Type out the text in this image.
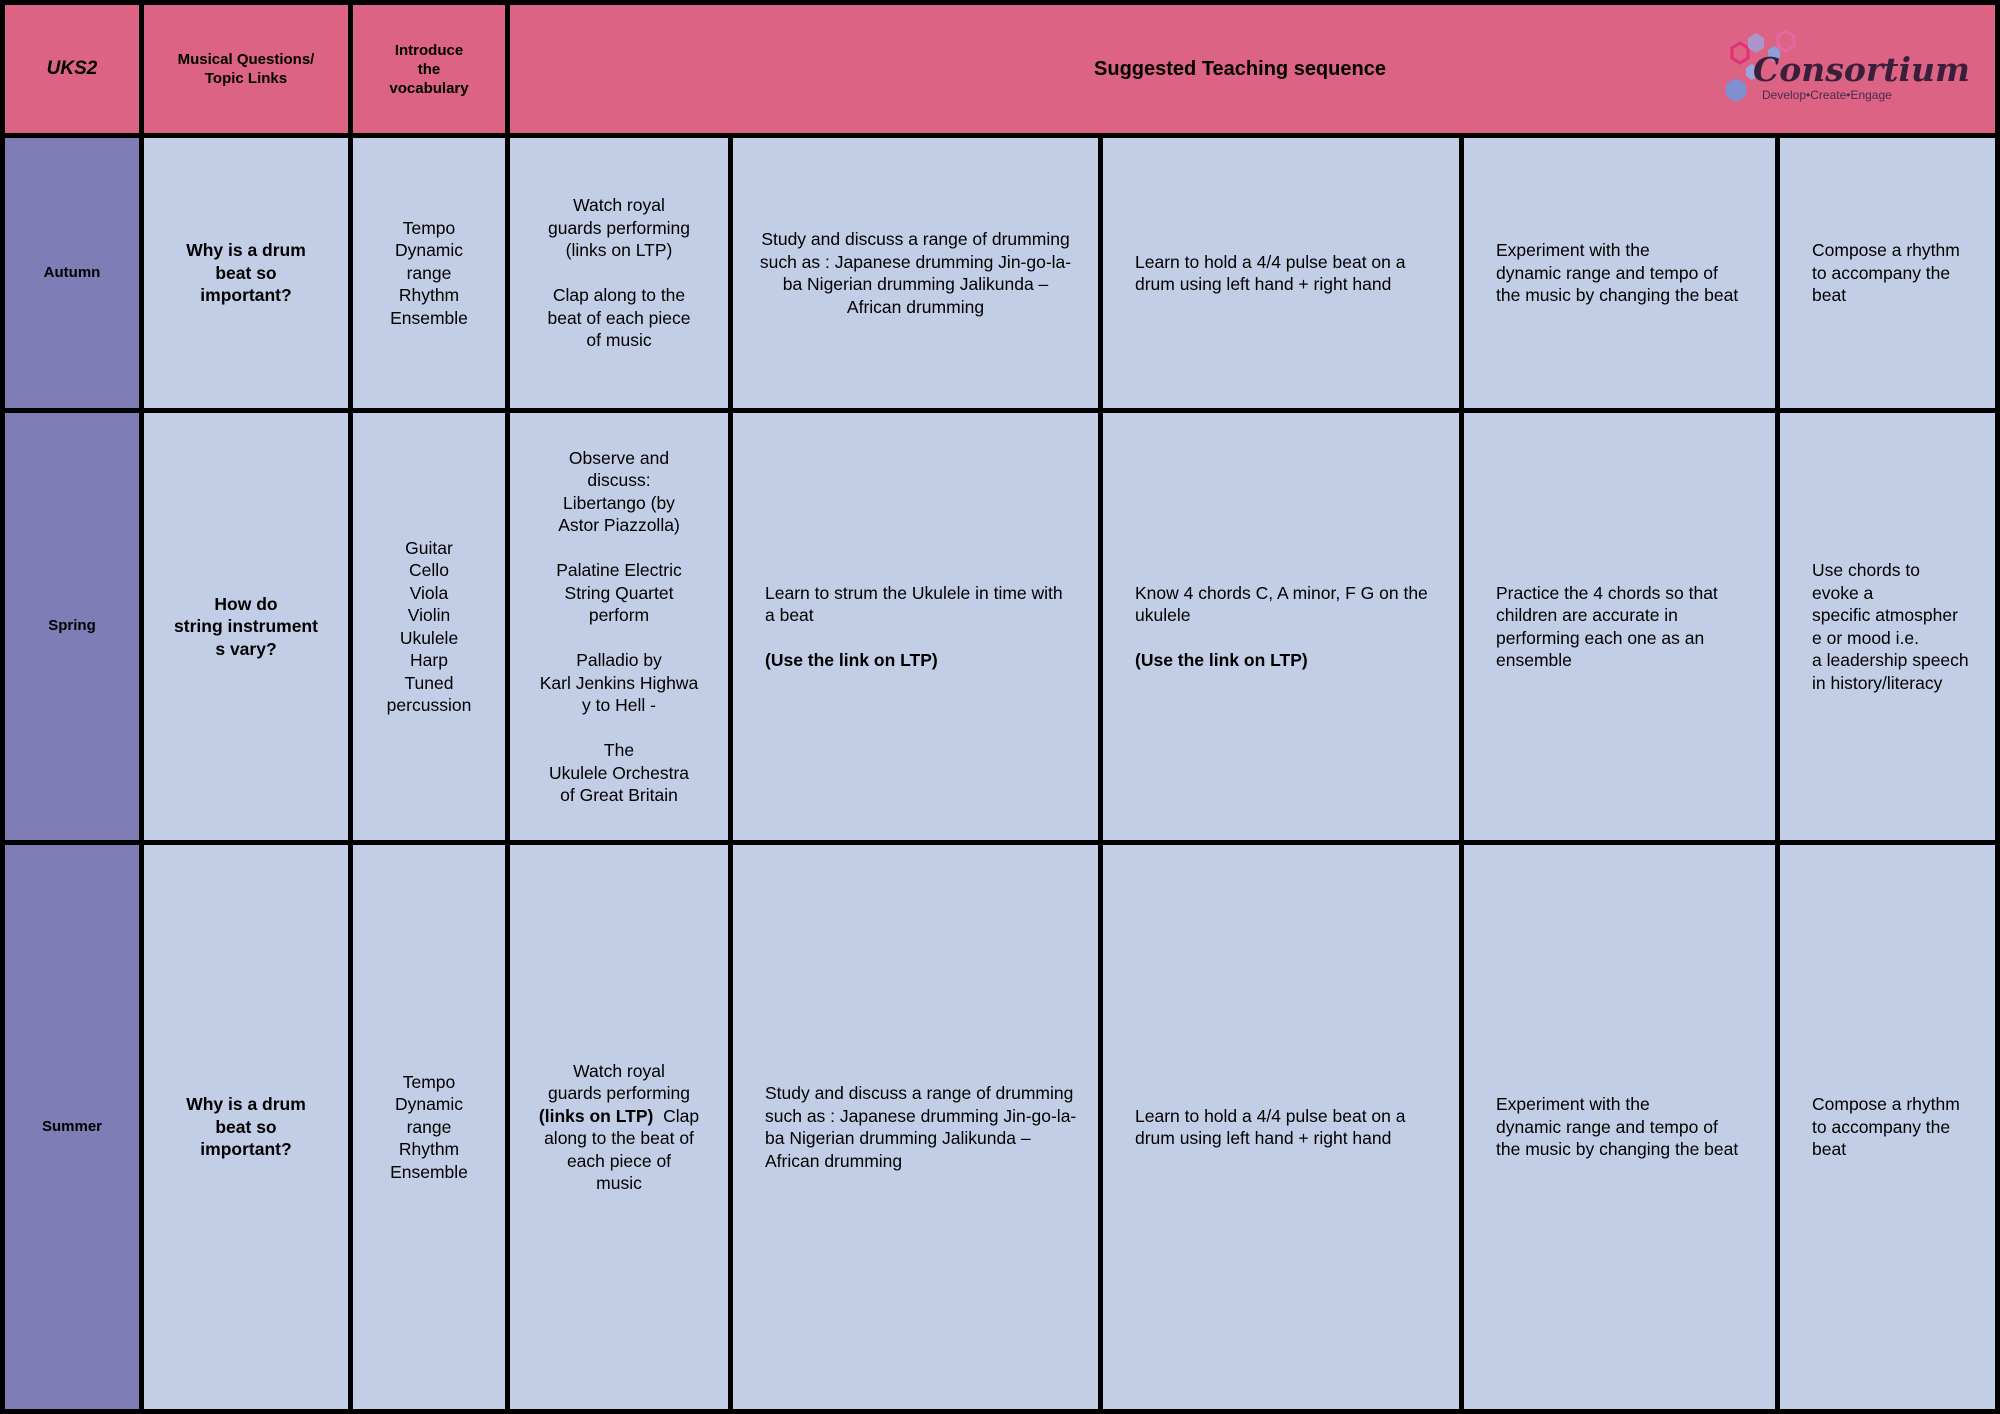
UKS2	Musical Questions/
Topic Links
Introduce
the
vocabulary
Suggested Teaching sequence	Consortium
Develop•Create•Engage
Autumn
Why is a drum
beat so
important?
Tempo
Dynamic
range
Rhythm
Ensemble
Watch royal
guards performing
(links on LTP)
Clap along to the
beat of each piece
of music
Study and discuss a range of drumming
such as : Japanese drumming Jin-go-la-
ba Nigerian drumming Jalikunda –
African drumming
Learn to hold a 4/4 pulse beat on a
drum using left hand + right hand
Experiment with the
dynamic range and tempo of
the music by changing the beat
Compose a rhythm
to accompany the
beat
Spring
How do
string instrument
s vary?
Guitar
Cello
Viola
Violin
Ukulele
Harp
Tuned
percussion
Observe and
discuss:
Libertango (by
Astor Piazzolla)
Palatine Electric
String Quartet
perform
Palladio by
Karl Jenkins Highwa
y to Hell -
The
Ukulele Orchestra
of Great Britain
Learn to strum the Ukulele in time with
a beat
(Use the link on LTP)
Know 4 chords C, A minor, F G on the
ukulele
(Use the link on LTP)
Practice the 4 chords so that
children are accurate in
performing each one as an
ensemble
Use chords to
evoke a
specific atmospher
e or mood i.e.
a leadership speech
in history/literacy
Summer
Why is a drum
beat so
important?
Tempo
Dynamic
range
Rhythm
Ensemble
Watch royal
guards performing
(links on LTP) Clap
along to the beat of
each piece of
music
Study and discuss a range of drumming
such as : Japanese drumming Jin-go-la-
ba Nigerian drumming Jalikunda –
African drumming
Learn to hold a 4/4 pulse beat on a
drum using left hand + right hand
Experiment with the
dynamic range and tempo of
the music by changing the beat
Compose a rhythm
to accompany the
beat
